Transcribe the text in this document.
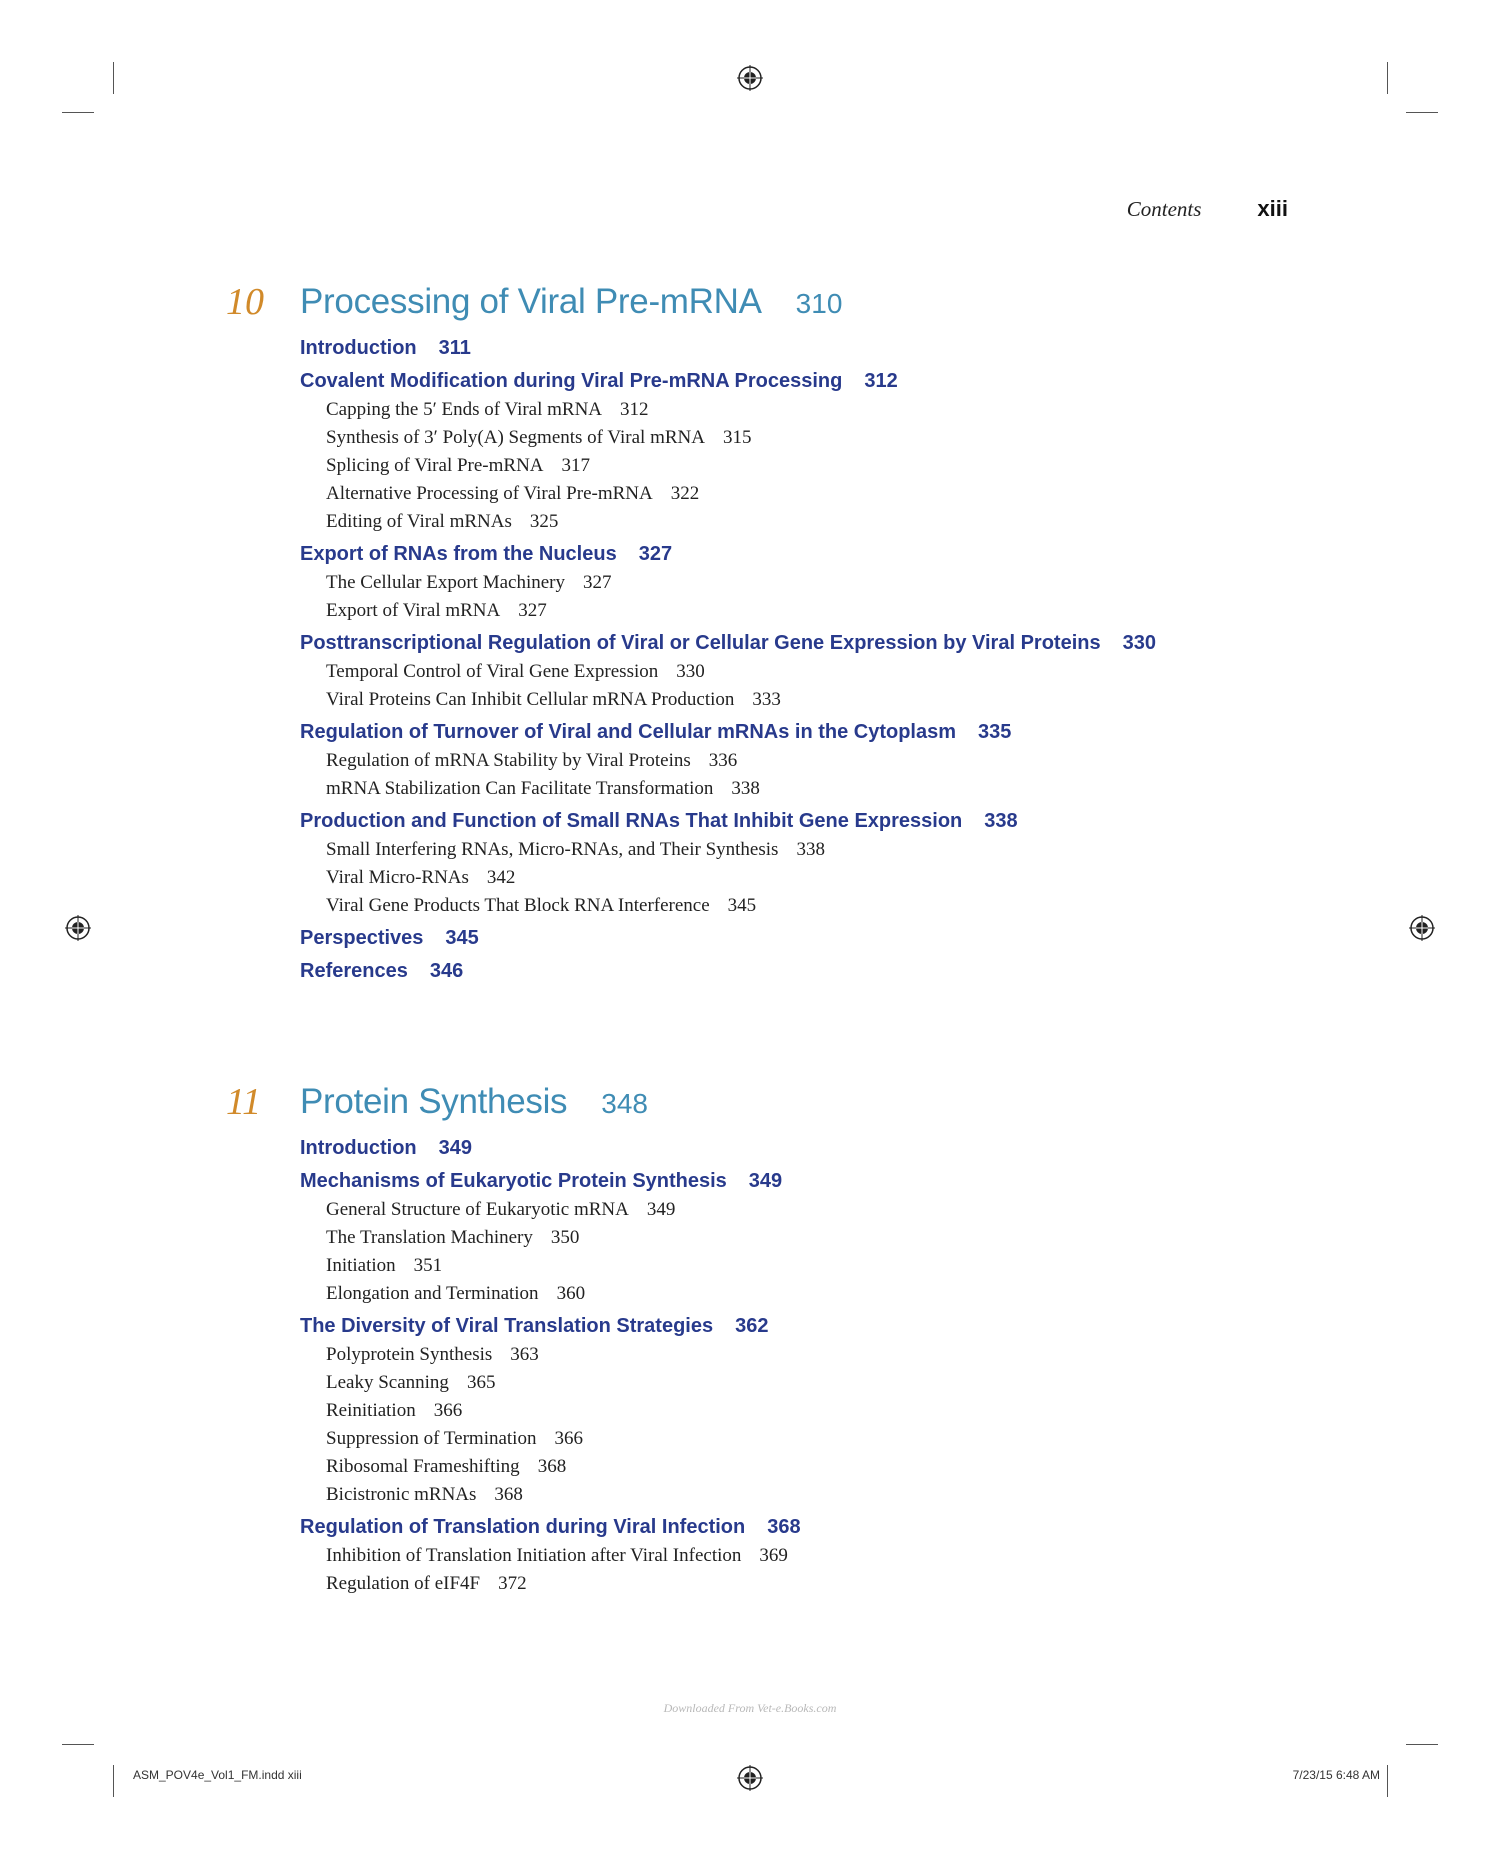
Contents	xiii
10 Processing of Viral Pre-mRNA 310
Introduction 311
Covalent Modification during Viral Pre-mRNA Processing 312
Capping the 5′ Ends of Viral mRNA 312
Synthesis of 3′ Poly(A) Segments of Viral mRNA 315
Splicing of Viral Pre-mRNA 317
Alternative Processing of Viral Pre-mRNA 322
Editing of Viral mRNAs 325
Export of RNAs from the Nucleus 327
The Cellular Export Machinery 327
Export of Viral mRNA 327
Posttranscriptional Regulation of Viral or Cellular Gene Expression by Viral Proteins 330
Temporal Control of Viral Gene Expression 330
Viral Proteins Can Inhibit Cellular mRNA Production 333
Regulation of Turnover of Viral and Cellular mRNAs in the Cytoplasm 335
Regulation of mRNA Stability by Viral Proteins 336
mRNA Stabilization Can Facilitate Transformation 338
Production and Function of Small RNAs That Inhibit Gene Expression 338
Small Interfering RNAs, Micro-RNAs, and Their Synthesis 338
Viral Micro-RNAs 342
Viral Gene Products That Block RNA Interference 345
Perspectives 345
References 346
11 Protein Synthesis 348
Introduction 349
Mechanisms of Eukaryotic Protein Synthesis 349
General Structure of Eukaryotic mRNA 349
The Translation Machinery 350
Initiation 351
Elongation and Termination 360
The Diversity of Viral Translation Strategies 362
Polyprotein Synthesis 363
Leaky Scanning 365
Reinitiation 366
Suppression of Termination 366
Ribosomal Frameshifting 368
Bicistronic mRNAs 368
Regulation of Translation during Viral Infection 368
Inhibition of Translation Initiation after Viral Infection 369
Regulation of eIF4F 372
Downloaded From Vet-e.Books.com
ASM_POV4e_Vol1_FM.indd xiii	7/23/15 6:48 AM
